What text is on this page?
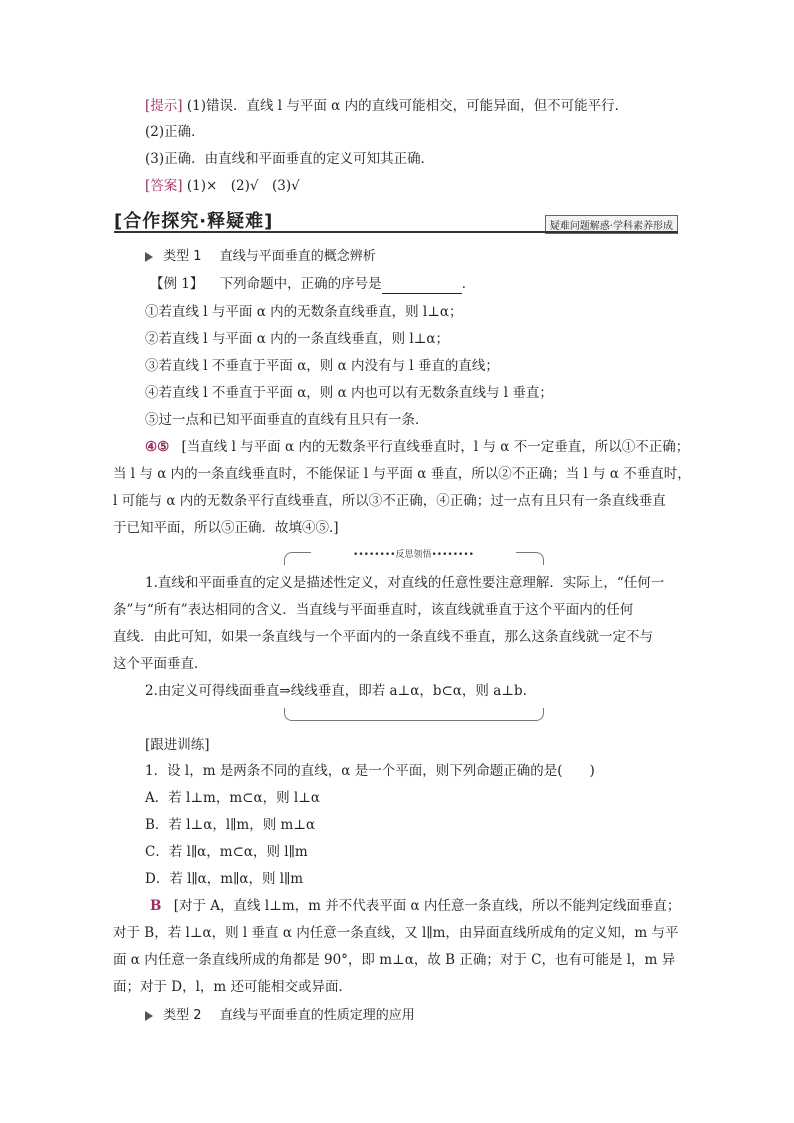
[提示] (1)错误．直线 l 与平面 α 内的直线可能相交，可能异面，但不可能平行．
(2)正确．
(3)正确．由直线和平面垂直的定义可知其正确．
[答案] (1)×　(2)√　(3)√
[合作探究·释疑难]	疑难问题解惑·学科素养形成
类型 1 直线与平面垂直的概念辨析
【例 1】 下列命题中，正确的序号是	．
①若直线 l 与平面 α 内的无数条直线垂直，则 l⊥α；
②若直线 l 与平面 α 内的一条直线垂直，则 l⊥α；
③若直线 l 不垂直于平面 α，则 α 内没有与 l 垂直的直线；
④若直线 l 不垂直于平面 α，则 α 内也可以有无数条直线与 l 垂直；
⑤过一点和已知平面垂直的直线有且只有一条．
④⑤ [当直线 l 与平面 α 内的无数条平行直线垂直时，l 与 α 不一定垂直，所以①不正确；
当 l 与 α 内的一条直线垂直时，不能保证 l 与平面 α 垂直，所以②不正确；当 l 与 α 不垂直时，
l 可能与 α 内的无数条平行直线垂直，所以③不正确，④正确；过一点有且只有一条直线垂直
于已知平面，所以⑤正确．故填④⑤.]
••••••••反思领悟••••••••
1.直线和平面垂直的定义是描述性定义，对直线的任意性要注意理解．实际上，“任何一
条”与“所有”表达相同的含义．当直线与平面垂直时，该直线就垂直于这个平面内的任何
直线．由此可知，如果一条直线与一个平面内的一条直线不垂直，那么这条直线就一定不与
这个平面垂直．
2.由定义可得线面垂直⇒线线垂直，即若 a⊥α，b⊂α，则 a⊥b.
[跟进训练]
1．设 l，m 是两条不同的直线，α 是一个平面，则下列命题正确的是(　　)
A．若 l⊥m，m⊂α，则 l⊥α
B．若 l⊥α，l∥m，则 m⊥α
C．若 l∥α，m⊂α，则 l∥m
D．若 l∥α，m∥α，则 l∥m
B [对于 A，直线 l⊥m，m 并不代表平面 α 内任意一条直线，所以不能判定线面垂直；
对于 B，若 l⊥α，则 l 垂直 α 内任意一条直线，又 l∥m，由异面直线所成角的定义知，m 与平
面 α 内任意一条直线所成的角都是 90°，即 m⊥α，故 B 正确；对于 C，也有可能是 l，m 异
面；对于 D，l，m 还可能相交或异面．
类型 2 直线与平面垂直的性质定理的应用
